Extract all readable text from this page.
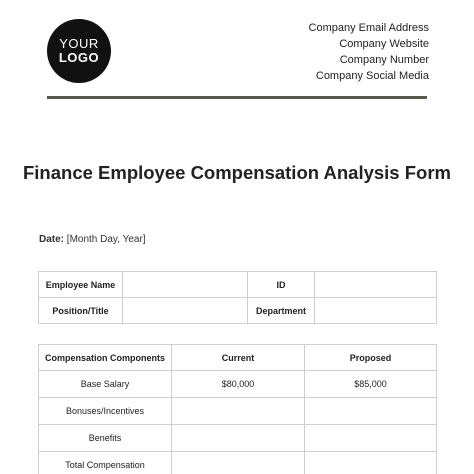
YOUR
LOGO
Company Email Address
Company Website
Company Number
Company Social Media
Finance Employee Compensation Analysis Form
Date: [Month Day, Year]
Employee Name		ID	
Position/Title		Department	
Compensation Components	Current	Proposed
Base Salary	$80,000	$85,000
Bonuses/Incentives		
Benefits		
Total Compensation		
